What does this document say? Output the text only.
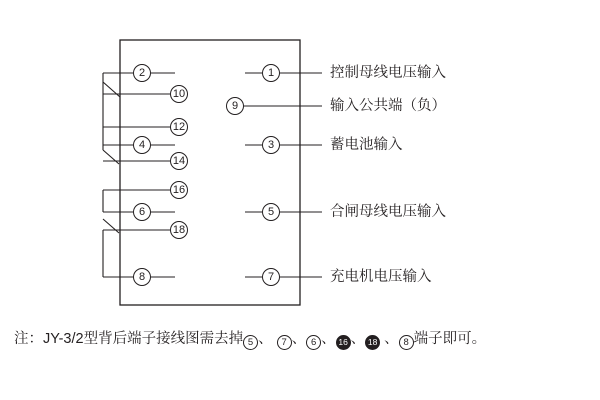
2
10
12
4
14
16
6
18
8
1
9
3
5
7
控制母线电压输入
输入公共端（负）
蓄电池输入
合闸母线电压输入
充电机电压输入
注：JY-3/2型背后端子接线图需去掉 5 、 7 、 6 、 16 、 18 、 8 端子即可。
